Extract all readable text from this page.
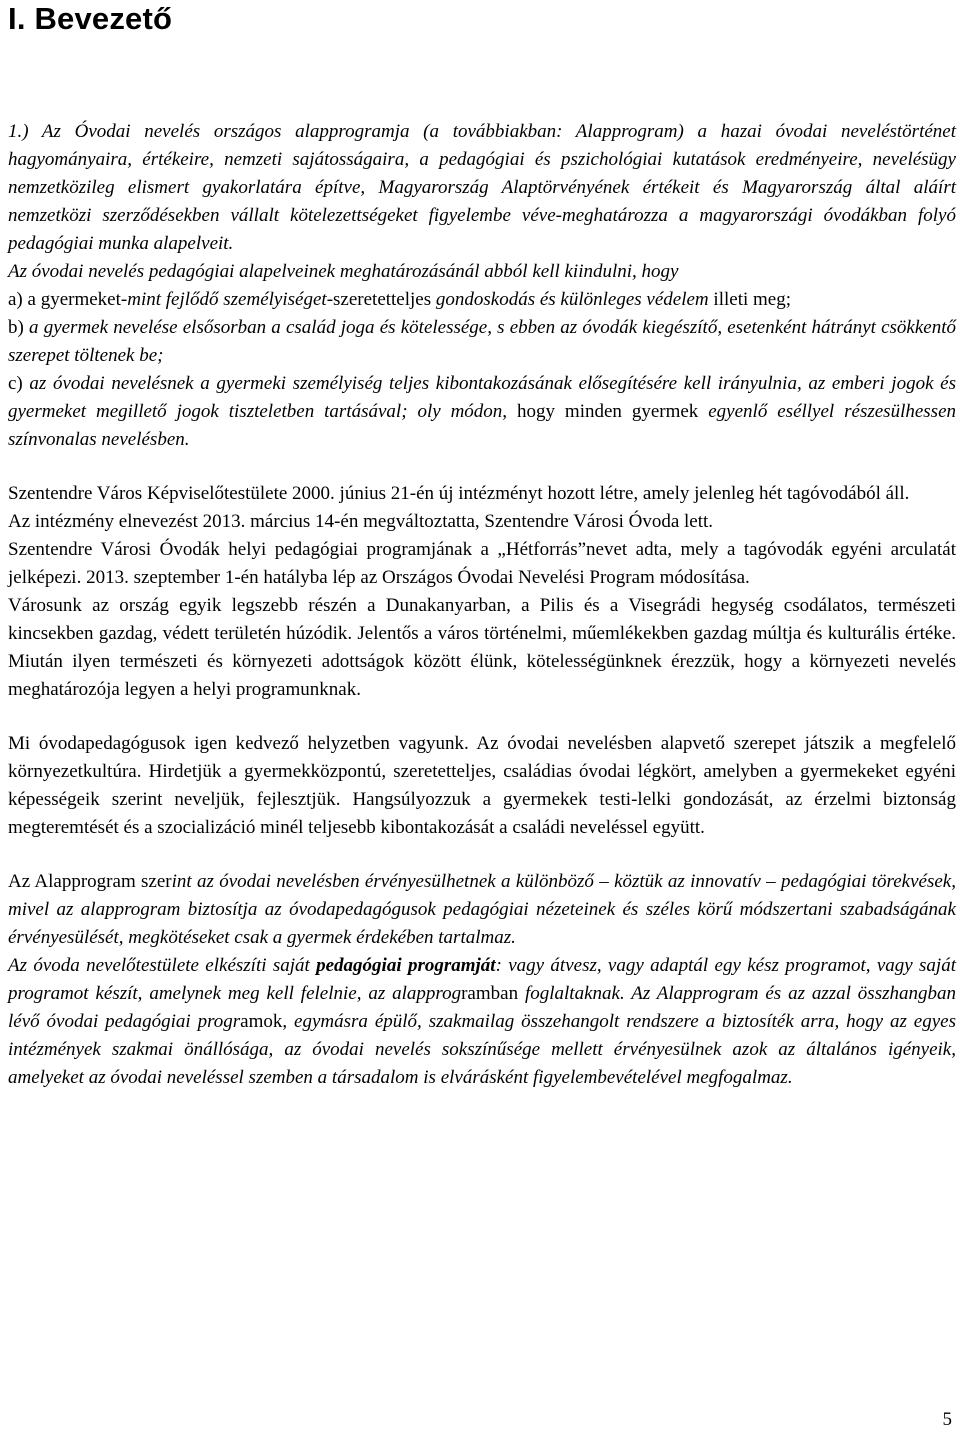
I. Bevezető

1.) Az Óvodai nevelés országos alapprogramja (a továbbiakban: Alapprogram) a hazai óvodai neveléstörténet hagyományaira, értékeire, nemzeti sajátosságaira, a pedagógiai és pszichológiai kutatások eredményeire, nevelésügy nemzetközileg elismert gyakorlatára építve, Magyarország Alaptörvényének értékeit és Magyarország által aláírt nemzetközi szerződésekben vállalt kötelezettségeket figyelembe véve-meghatározza a magyarországi óvodákban folyó pedagógiai munka alapelveit.

Az óvodai nevelés pedagógiai alapelveinek meghatározásánál abból kell kiindulni, hogy

a) a gyermeket-mint fejlődő személyiséget-szeretetteljes gondoskodás és különleges védelem illeti meg;

b) a gyermek nevelése elsősorban a család joga és kötelessége, s ebben az óvodák kiegészítő, esetenként hátrányt csökkentő szerepet töltenek be;

c) az óvodai nevelésnek a gyermeki személyiség teljes kibontakozásának elősegítésére kell irányulnia, az emberi jogok és gyermeket megillető jogok tiszteletben tartásával; oly módon, hogy minden gyermek egyenlő eséllyel részesülhessen színvonalas nevelésben.

Szentendre Város Képviselőtestülete 2000. június 21-én új intézményt hozott létre, amely jelenleg hét tagóvodából áll.

Az intézmény elnevezést 2013. március 14-én megváltoztatta, Szentendre Városi Óvoda lett.

Szentendre Városi Óvodák helyi pedagógiai programjának a „Hétforrás”nevet adta, mely a tagóvodák egyéni arculatát jelképezi. 2013. szeptember 1-én hatályba lép az Országos Óvodai Nevelési Program módosítása.

Városunk az ország egyik legszebb részén a Dunakanyarban, a Pilis és a Visegrádi hegység csodálatos, természeti kincsekben gazdag, védett területén húzódik. Jelentős a város történelmi, műemlékekben gazdag múltja és kulturális értéke. Miután ilyen természeti és környezeti adottságok között élünk, kötelességünknek érezzük, hogy a környezeti nevelés meghatározója legyen a helyi programunknak.

Mi óvodapedagógusok igen kedvező helyzetben vagyunk. Az óvodai nevelésben alapvető szerepet játszik a megfelelő környezetkultúra. Hirdetjük a gyermekközpontú, szeretetteljes, családias óvodai légkört, amelyben a gyermekeket egyéni képességeik szerint neveljük, fejlesztjük. Hangsúlyozzuk a gyermekek testi-lelki gondozását, az érzelmi biztonság megteremtését és a szocializáció minél teljesebb kibontakozását a családi neveléssel együtt.

Az Alapprogram szerint az óvodai nevelésben érvényesülhetnek a különböző – köztük az innovatív – pedagógiai törekvések, mivel az alapprogram biztosítja az óvodapedagógusok pedagógiai nézeteinek és széles körű módszertani szabadságának érvényesülését, megkötéseket csak a gyermek érdekében tartalmaz.

Az óvoda nevelőtestülete elkészíti saját pedagógiai programját: vagy átvesz, vagy adaptál egy kész programot, vagy saját programot készít, amelynek meg kell felelnie, az alapprogramban foglaltaknak. Az Alapprogram és az azzal összhangban lévő óvodai pedagógiai programok, egymásra épülő, szakmailag összehangolt rendszere a biztosíték arra, hogy az egyes intézmények szakmai önállósága, az óvodai nevelés sokszínűsége mellett érvényesülnek azok az általános igényeik, amelyeket az óvodai neveléssel szemben a társadalom is elvárásként figyelembevételével megfogalmaz.

5
